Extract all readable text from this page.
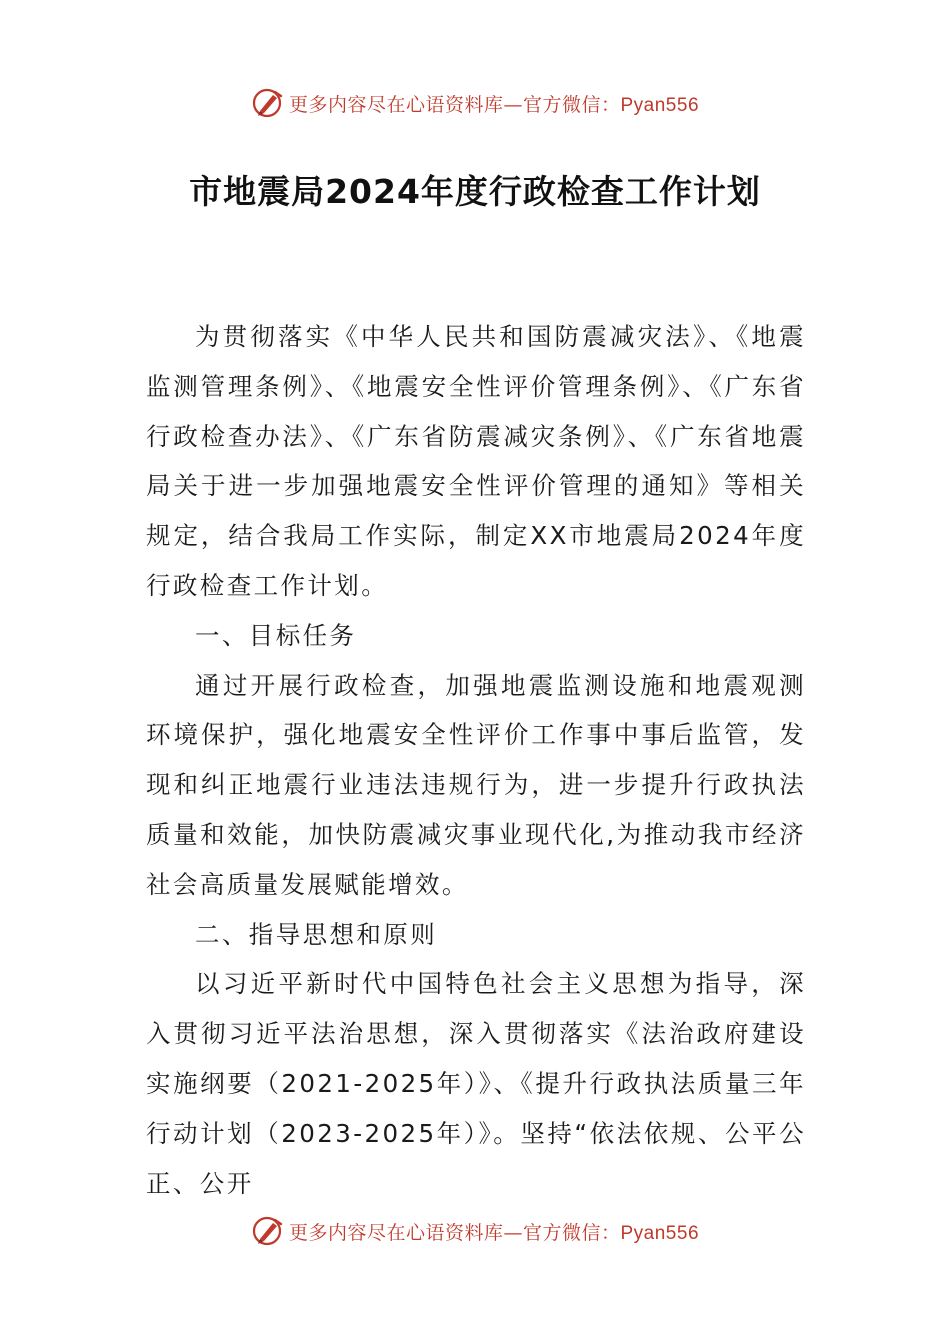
更多内容尽在心语资料库—官方微信：Pyan556
市地震局2024年度行政检查工作计划

为贯彻落实《中华人民共和国防震减灾法》、《地震监测管理条例》、《地震安全性评价管理条例》、《广东省行政检查办法》、《广东省防震减灾条例》、《广东省地震局关于进一步加强地震安全性评价管理的通知》等相关规定，结合我局工作实际，制定XX市地震局2024年度行政检查工作计划。

一、目标任务

通过开展行政检查，加强地震监测设施和地震观测环境保护，强化地震安全性评价工作事中事后监管，发现和纠正地震行业违法违规行为，进一步提升行政执法质量和效能，加快防震减灾事业现代化,为推动我市经济社会高质量发展赋能增效。

二、指导思想和原则

以习近平新时代中国特色社会主义思想为指导，深入贯彻习近平法治思想，深入贯彻落实《法治政府建设实施纲要（2021-2025年）》、《提升行政执法质量三年行动计划（2023-2025年）》。坚持“依法依规、公平公正、公开

更多内容尽在心语资料库—官方微信：Pyan556
